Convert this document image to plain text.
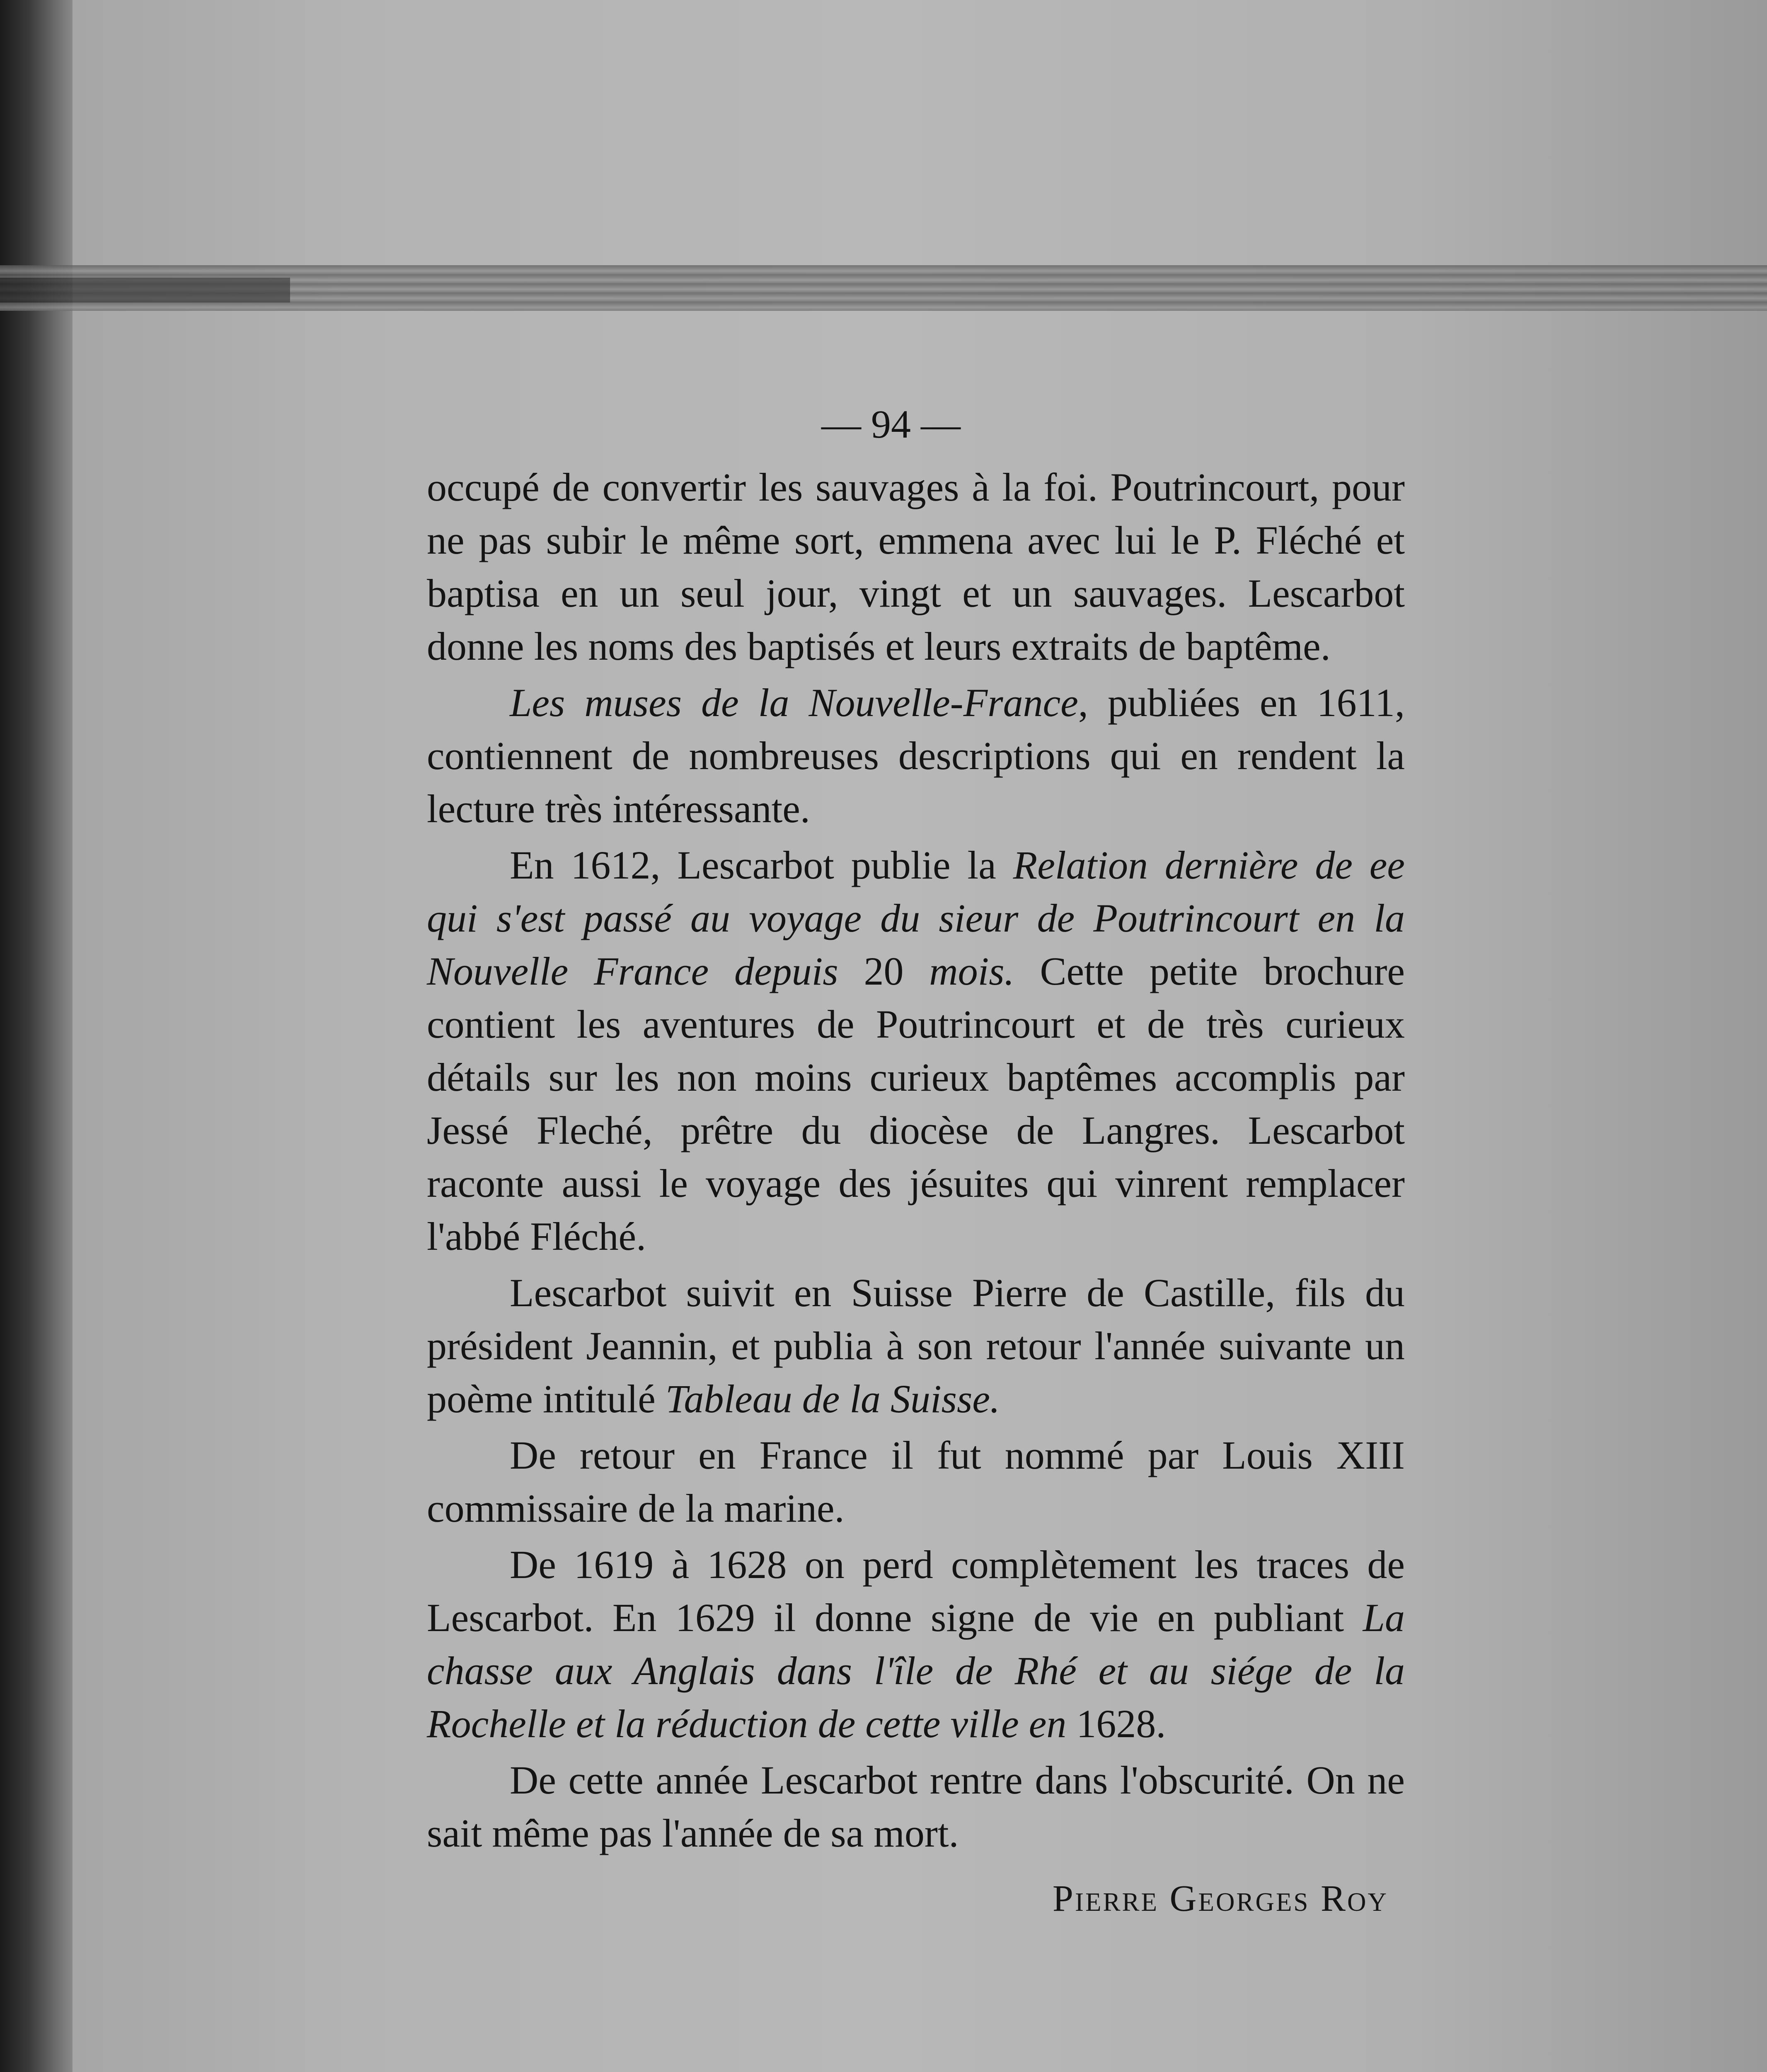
— 94 —

occupé de convertir les sauvages à la foi. Poutrincourt, pour ne pas subir le même sort, emmena avec lui le P. Fléché et baptisa en un seul jour, vingt et un sauvages. Lescarbot donne les noms des baptisés et leurs extraits de baptême.

Les muses de la Nouvelle-France, publiées en 1611, contiennent de nombreuses descriptions qui en rendent la lecture très intéressante.

En 1612, Lescarbot publie la Relation dernière de ee qui s'est passé au voyage du sieur de Poutrincourt en la Nouvelle France depuis 20 mois. Cette petite brochure contient les aventures de Poutrincourt et de très curieux détails sur les non moins curieux baptêmes accomplis par Jessé Fleché, prêtre du diocèse de Langres. Lescarbot raconte aussi le voyage des jésuites qui vinrent remplacer l'abbé Fléché.

Lescarbot suivit en Suisse Pierre de Castille, fils du président Jeannin, et publia à son retour l'année suivante un poème intitulé Tableau de la Suisse.

De retour en France il fut nommé par Louis XIII commissaire de la marine.

De 1619 à 1628 on perd complètement les traces de Lescarbot. En 1629 il donne signe de vie en publiant La chasse aux Anglais dans l'île de Rhé et au siége de la Rochelle et la réduction de cette ville en 1628.

De cette année Lescarbot rentre dans l'obscurité. On ne sait même pas l'année de sa mort.

Pierre Georges Roy
